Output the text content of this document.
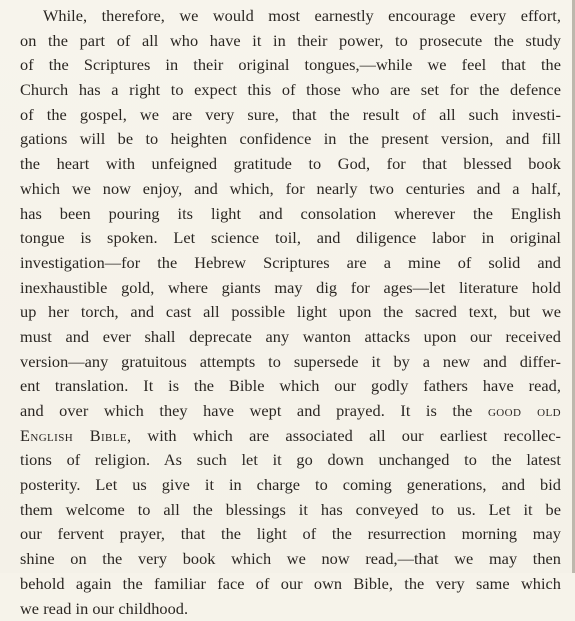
While, therefore, we would most earnestly encourage every effort,
on the part of all who have it in their power, to prosecute the study
of the Scriptures in their original tongues,—while we feel that the
Church has a right to expect this of those who are set for the defence
of the gospel, we are very sure, that the result of all such investi-
gations will be to heighten confidence in the present version, and fill
the heart with unfeigned gratitude to God, for that blessed book
which we now enjoy, and which, for nearly two centuries and a half,
has been pouring its light and consolation wherever the English
tongue is spoken. Let science toil, and diligence labor in original
investigation—for the Hebrew Scriptures are a mine of solid and
inexhaustible gold, where giants may dig for ages—let literature hold
up her torch, and cast all possible light upon the sacred text, but we
must and ever shall deprecate any wanton attacks upon our received
version—any gratuitous attempts to supersede it by a new and differ-
ent translation. It is the Bible which our godly fathers have read,
and over which they have wept and prayed. It is the good old
English Bible, with which are associated all our earliest recollec-
tions of religion. As such let it go down unchanged to the latest
posterity. Let us give it in charge to coming generations, and bid
them welcome to all the blessings it has conveyed to us. Let it be
our fervent prayer, that the light of the resurrection morning may
shine on the very book which we now read,—that we may then
behold again the familiar face of our own Bible, the very same which
we read in our childhood.
